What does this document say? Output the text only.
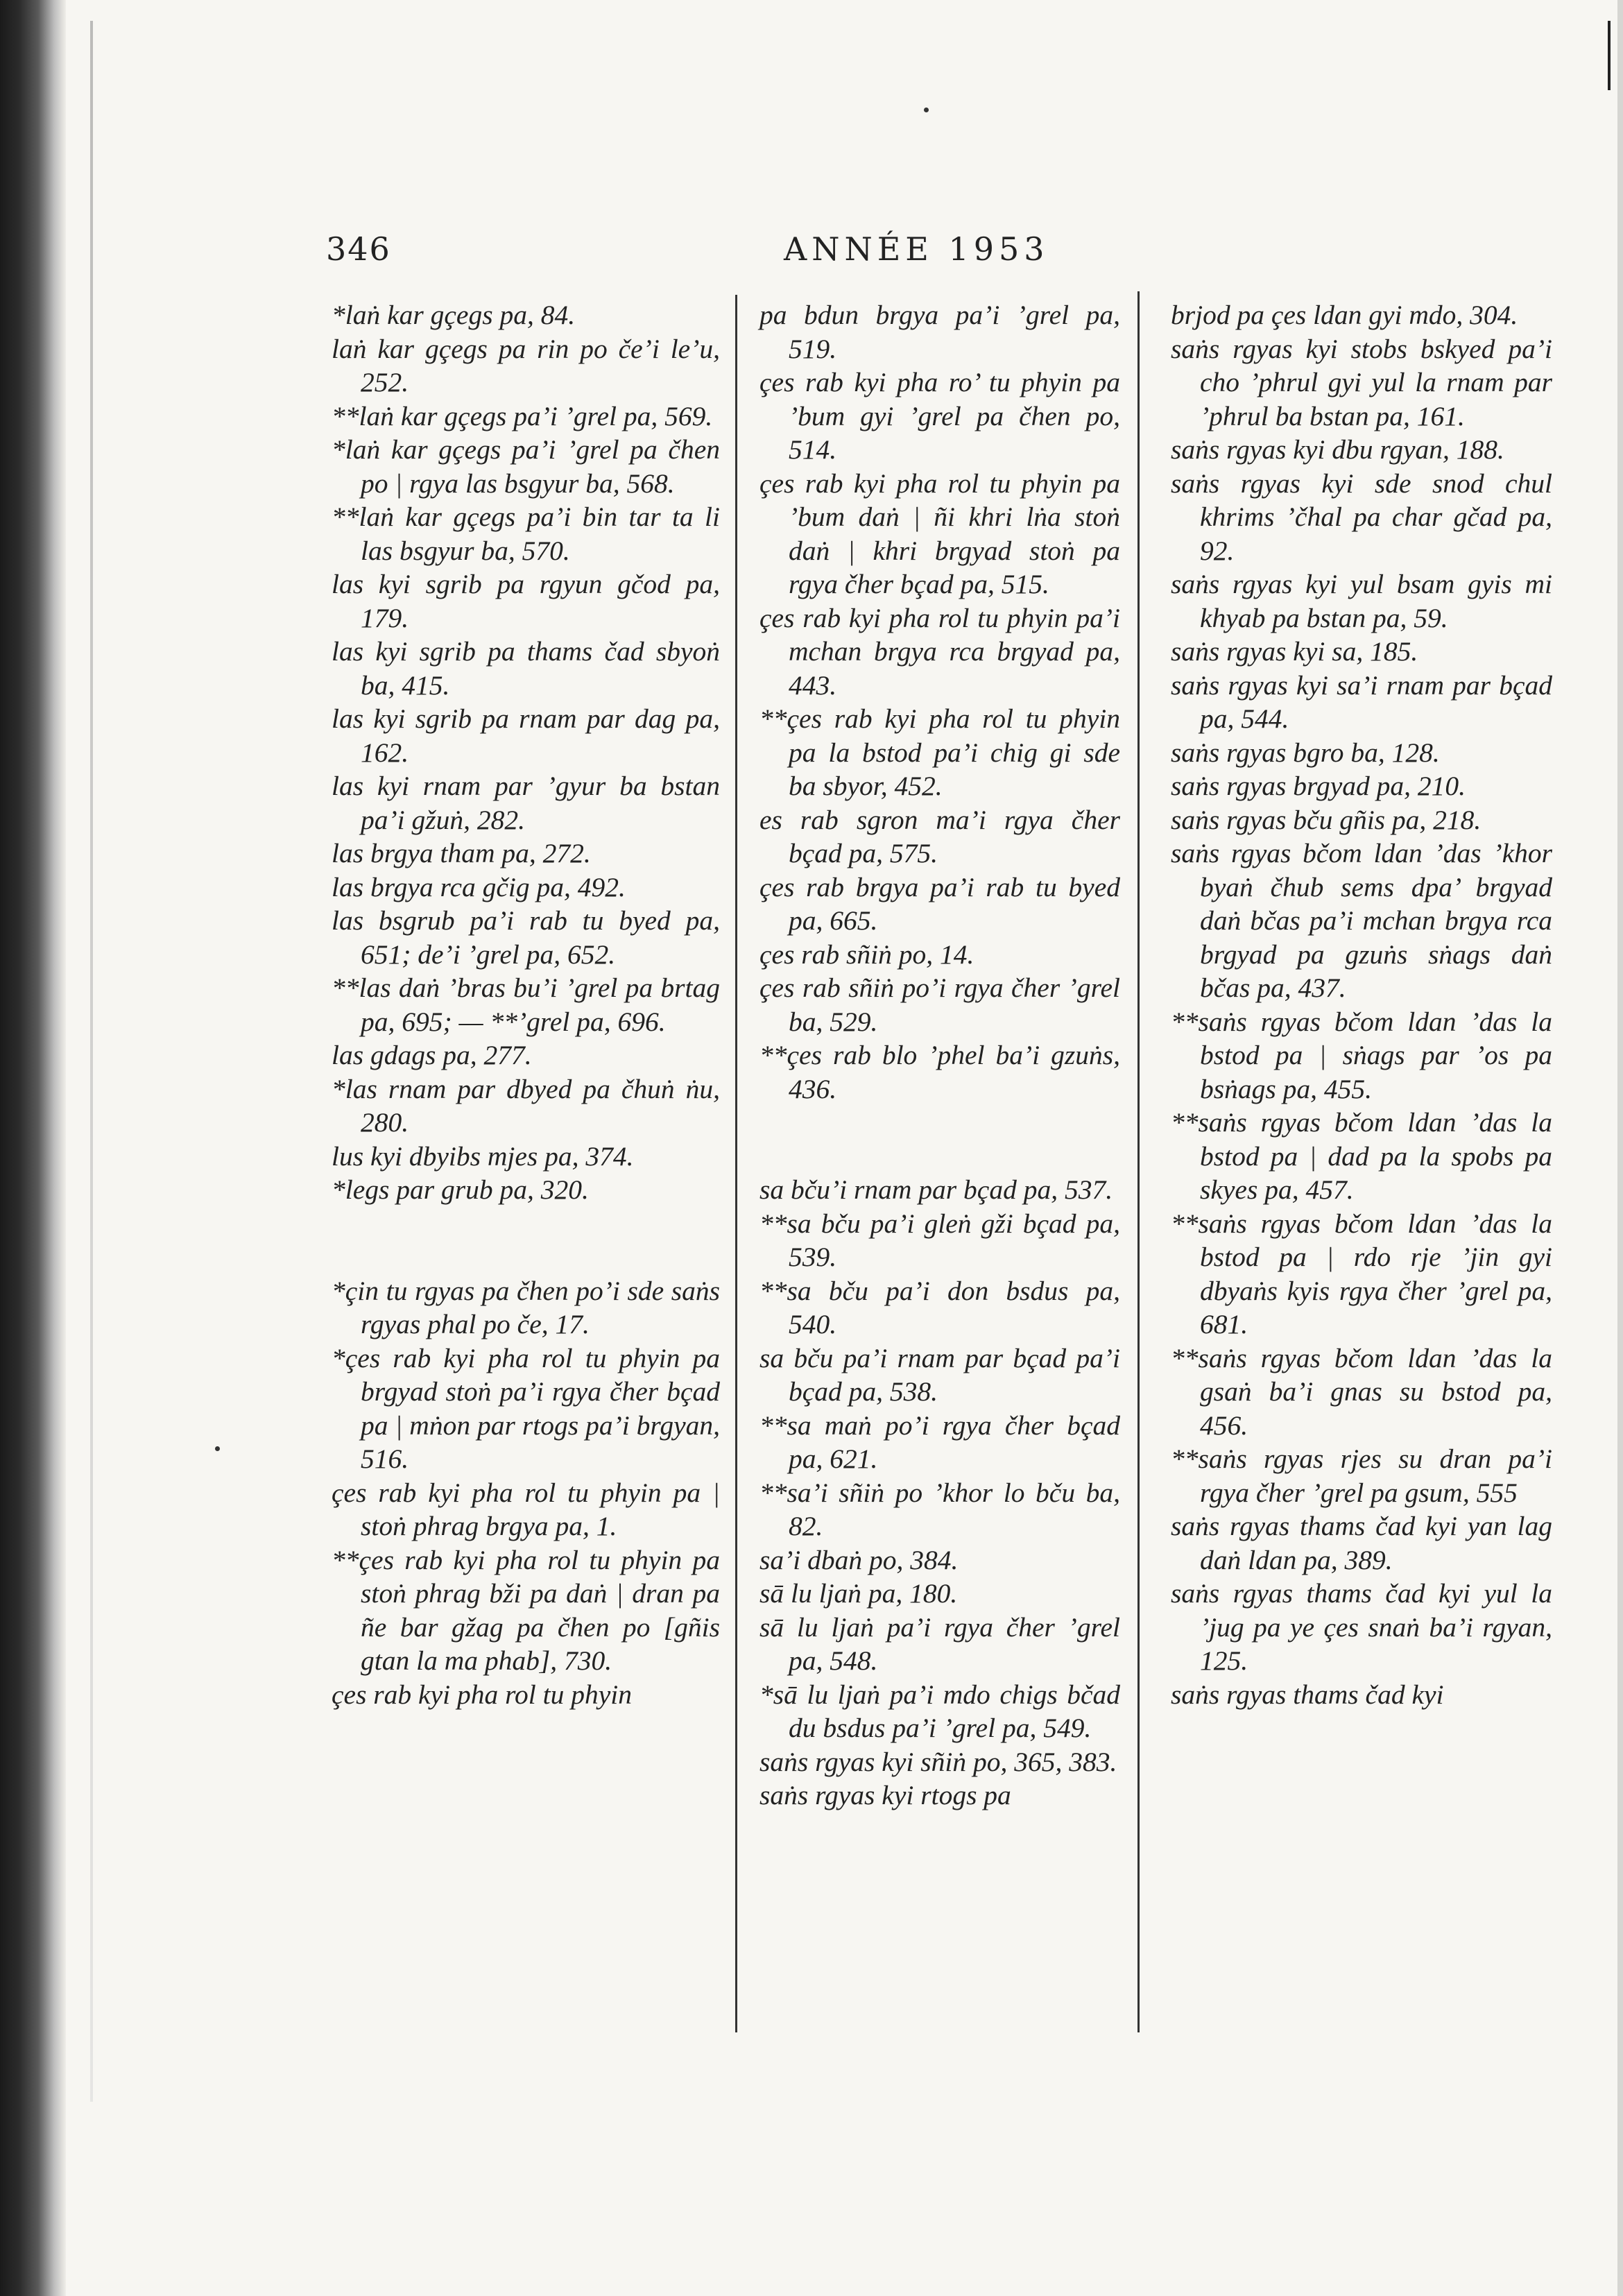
346	ANNÉE 1953
*laṅ kar gçegs pa, 84.
laṅ kar gçegs pa rin po če’i le’u, 252.
**laṅ kar gçegs pa’i ’grel pa, 569.
*laṅ kar gçegs pa’i ’grel pa čhen po | rgya las bsgyur ba, 568.
**laṅ kar gçegs pa’i bin tar ta li las bsgyur ba, 570.
las kyi sgrib pa rgyun gčod pa, 179.
las kyi sgrib pa thams čad sbyoṅ ba, 415.
las kyi sgrib pa rnam par dag pa, 162.
las kyi rnam par ’gyur ba bstan pa’i gžuṅ, 282.
las brgya tham pa, 272.
las brgya rca gčig pa, 492.
las bsgrub pa’i rab tu byed pa, 651; de’i ’grel pa, 652.
**las daṅ ’bras bu’i ’grel pa brtag pa, 695; — **’grel pa, 696.
las gdags pa, 277.
*las rnam par dbyed pa čhuṅ ṅu, 280.
lus kyi dbyibs mjes pa, 374.
*legs par grub pa, 320.
*çin tu rgyas pa čhen po’i sde saṅs rgyas phal po če, 17.
*çes rab kyi pha rol tu phyin pa brgyad stoṅ pa’i rgya čher bçad pa | mṅon par rtogs pa’i brgyan, 516.
çes rab kyi pha rol tu phyin pa | stoṅ phrag brgya pa, 1.
**çes rab kyi pha rol tu phyin pa stoṅ phrag bži pa daṅ | dran pa ñe bar gžag pa čhen po [gñis gtan la ma phab], 730.
çes rab kyi pha rol tu phyin
pa bdun brgya pa’i ’grel pa, 519.
çes rab kyi pha ro’ tu phyin pa ’bum gyi ’grel pa čhen po, 514.
çes rab kyi pha rol tu phyin pa ’bum daṅ | ñi khri lṅa stoṅ daṅ | khri brgyad stoṅ pa rgya čher bçad pa, 515.
çes rab kyi pha rol tu phyin pa’i mchan brgya rca brgyad pa, 443.
**çes rab kyi pha rol tu phyin pa la bstod pa’i chig gi sde ba sbyor, 452.
es rab sgron ma’i rgya čher bçad pa, 575.
çes rab brgya pa’i rab tu byed pa, 665.
çes rab sñiṅ po, 14.
çes rab sñiṅ po’i rgya čher ’grel ba, 529.
**çes rab blo ’phel ba’i gzuṅs, 436.
sa bču’i rnam par bçad pa, 537.
**sa bču pa’i gleṅ gži bçad pa, 539.
**sa bču pa’i don bsdus pa, 540.
sa bču pa’i rnam par bçad pa’i bçad pa, 538.
**sa maṅ po’i rgya čher bçad pa, 621.
**sa’i sñiṅ po ’khor lo bču ba, 82.
sa’i dbaṅ po, 384.
sā lu ljaṅ pa, 180.
sā lu ljaṅ pa’i rgya čher ’grel pa, 548.
*sā lu ljaṅ pa’i mdo chigs bčad du bsdus pa’i ’grel pa, 549.
saṅs rgyas kyi sñiṅ po, 365, 383.
saṅs rgyas kyi rtogs pa
brjod pa çes ldan gyi mdo, 304.
saṅs rgyas kyi stobs bskyed pa’i cho ’phrul gyi yul la rnam par ’phrul ba bstan pa, 161.
saṅs rgyas kyi dbu rgyan, 188.
saṅs rgyas kyi sde snod chul khrims ’čhal pa char gčad pa, 92.
saṅs rgyas kyi yul bsam gyis mi khyab pa bstan pa, 59.
saṅs rgyas kyi sa, 185.
saṅs rgyas kyi sa’i rnam par bçad pa, 544.
saṅs rgyas bgro ba, 128.
saṅs rgyas brgyad pa, 210.
saṅs rgyas bču gñis pa, 218.
saṅs rgyas bčom ldan ’das ’khor byaṅ čhub sems dpa’ brgyad daṅ bčas pa’i mchan brgya rca brgyad pa gzuṅs sṅags daṅ bčas pa, 437.
**saṅs rgyas bčom ldan ’das la bstod pa | sṅags par ’os pa bsṅags pa, 455.
**saṅs rgyas bčom ldan ’das la bstod pa | dad pa la spobs pa skyes pa, 457.
**saṅs rgyas bčom ldan ’das la bstod pa | rdo rje ’jin gyi dbyaṅs kyis rgya čher ’grel pa, 681.
**saṅs rgyas bčom ldan ’das la gsaṅ ba’i gnas su bstod pa, 456.
**saṅs rgyas rjes su dran pa’i rgya čher ’grel pa gsum, 555
saṅs rgyas thams čad kyi yan lag daṅ ldan pa, 389.
saṅs rgyas thams čad kyi yul la ’jug pa ye çes snaṅ ba’i rgyan, 125.
saṅs rgyas thams čad kyi
